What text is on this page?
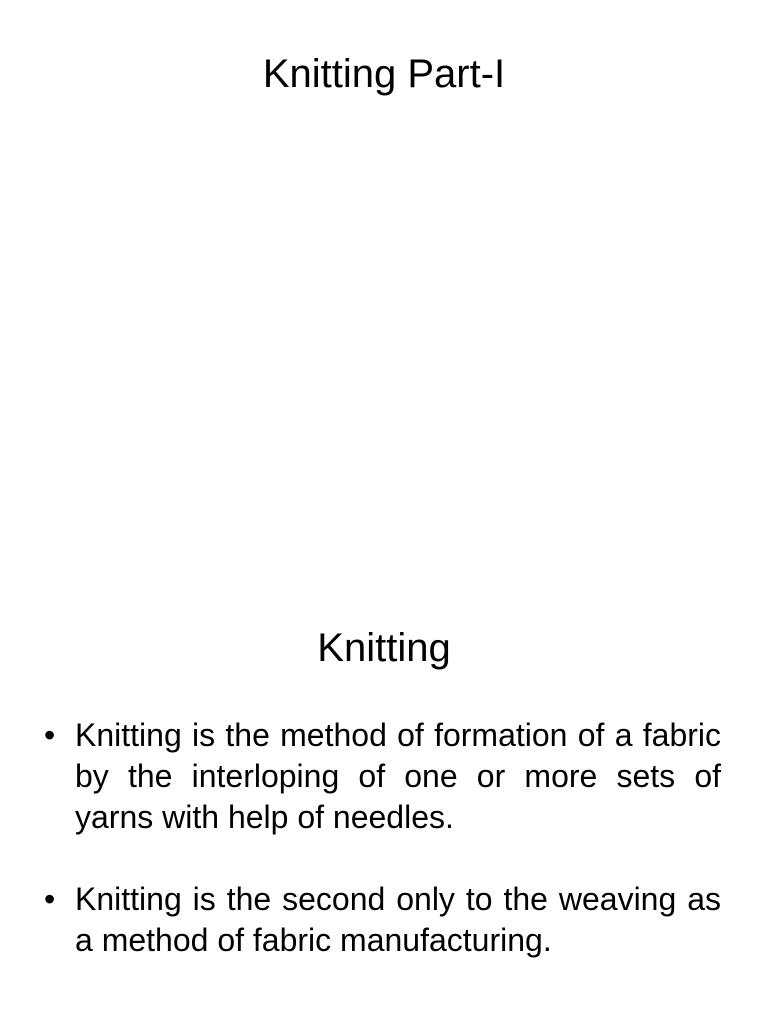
Knitting Part-I
Knitting
• Knitting is the method of formation of a fabric by the interloping of one or more sets of yarns with help of needles.
• Knitting is the second only to the weaving as a method of fabric manufacturing.
